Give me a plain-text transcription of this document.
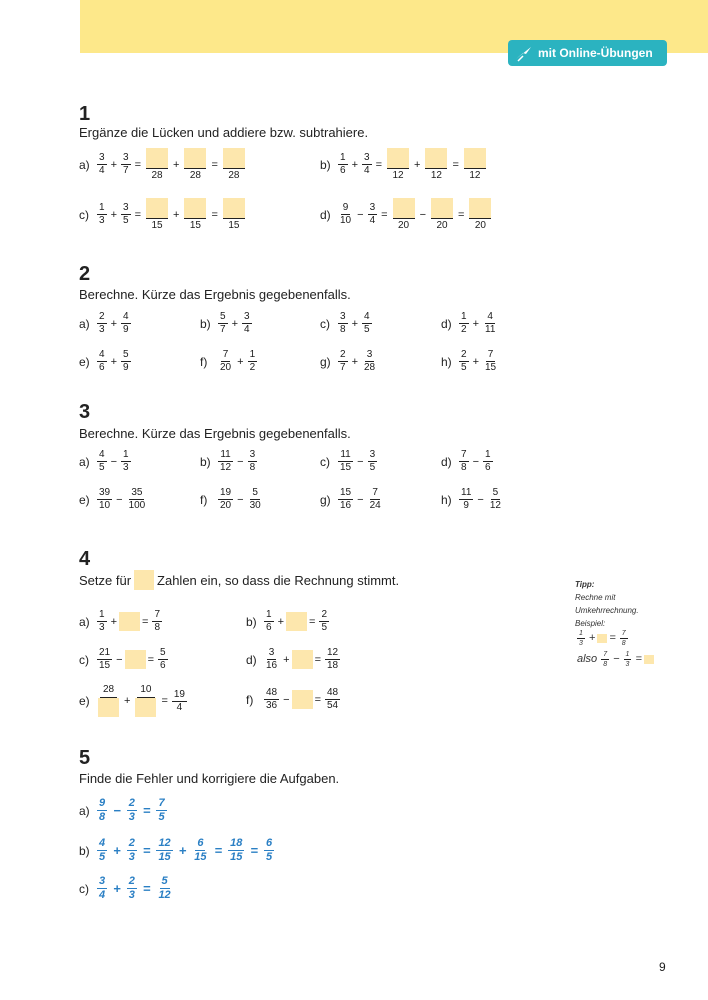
mit Online-Übungen
1
Ergänze die Lücken und addiere bzw. subtrahiere.
$a) \frac{3}{4} + \frac{3}{7}$ =
28
+
28
=
28
$b) \frac{1}{6} + \frac{3}{4}$ =
12
+
12
=
12
$c) \frac{1}{3} + \frac{3}{5}$ =
15
+
15
=
15
$d) \frac{9}{10} - \frac{3}{4}$ =
20
−
20
=
20
2
Berechne. Kürze das Ergebnis gegebenenfalls.
$a) \frac{2}{3} + \frac{4}{9}$	$b) \frac{5}{7} + \frac{3}{4}$	$c) \frac{3}{8} + \frac{4}{5}$	$d) \frac{1}{2} + \frac{4}{11}$
$e) \frac{4}{6} + \frac{5}{9}$	f)	$\frac{7}{20} + \frac{1}{2}$	$g) \frac{2}{7} + \frac{3}{28}$	$h) \frac{2}{5} + \frac{7}{15}$
3
Berechne. Kürze das Ergebnis gegebenenfalls.
$a) \frac{4}{5} - \frac{1}{3}$	$b) \frac{11}{12} - \frac{3}{8}$	$c) \frac{11}{15} - \frac{3}{5}$	$d) \frac{7}{8} - \frac{1}{6}$
$e) \frac{39}{10} - \frac{35}{100}$	f)	$\frac{19}{20} - \frac{5}{30}$	$g) \frac{15}{16} - \frac{7}{24}$	$h) \frac{11}{9} - \frac{5}{12}$
4
Setze für Zahlen ein, so dass die Rechnung stimmt.
$a) \frac{1}{3}$ + = $\frac{7}{8}$	$b) \frac{1}{6}$ + = $\frac{2}{5}$
$c) \frac{21}{15}$ − = $\frac{5}{6}$	$d) \frac{3}{16}$ + = $\frac{12}{18}$
e)
28
+
10
= $\frac{19}{4}$	f)	$\frac{48}{36}$ − = $\frac{48}{54}$
Tipp:
Rechne mit
Umkehrrechnung.
Beispiel:
$\frac{1}{3}$ + = $\frac{7}{8}$
also $\frac{7}{8} - \frac{1}{3}$ =
5
Finde die Fehler und korrigiere die Aufgaben.
$a) \frac{9}{8} - \frac{2}{3} = \frac{7}{5}$
$b) \frac{4}{5} + \frac{2}{3} = \frac{12}{15} + \frac{6}{15} = \frac{18}{15} = \frac{6}{5}$
$c) \frac{3}{4} + \frac{2}{3} = \frac{5}{12}$
9
